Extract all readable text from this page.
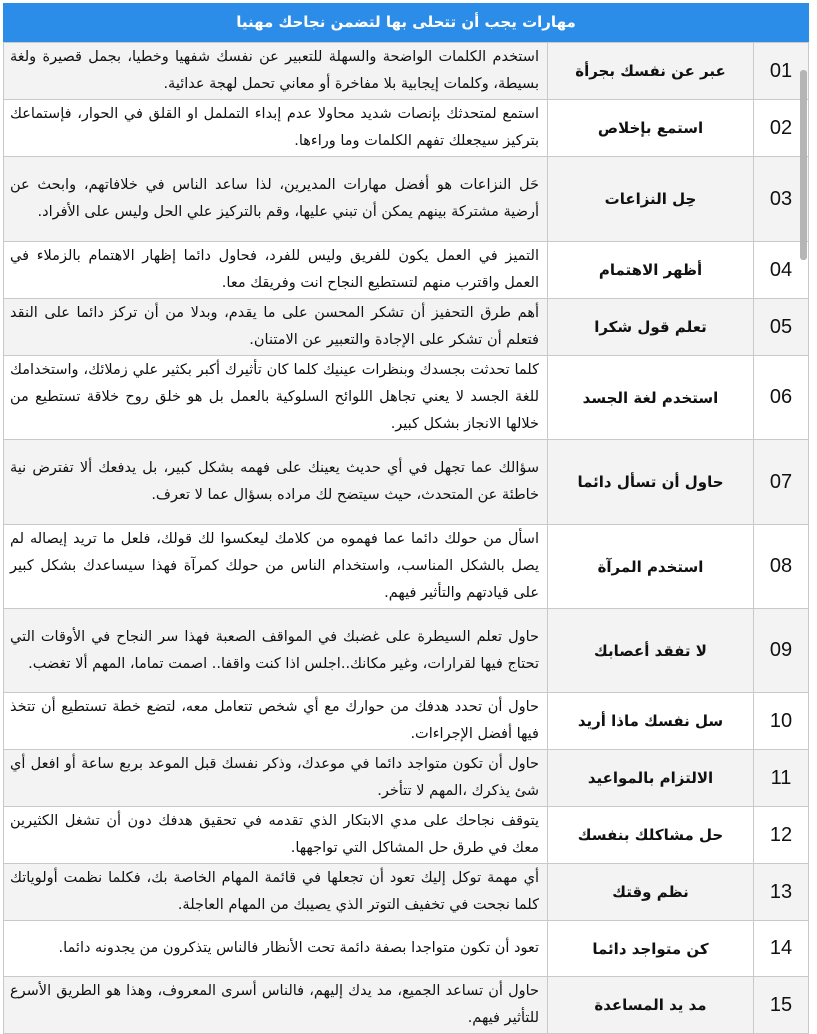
مهارات يجب أن تتحلى بها لتضمن نجاحك مهنيا
01	عبر عن نفسك بجرأة	استخدم الكلمات الواضحة والسهلة للتعبير عن نفسك شفهيا وخطيا، بجمل قصيرة ولغة بسيطة، وكلمات إيجابية بلا مفاخرة أو معاني تحمل لهجة عدائية.
02	استمع بإخلاص	استمع لمتحدثك بإنصات شديد محاولا عدم إبداء التململ او القلق في الحوار، فإستماعك بتركيز سيجعلك تفهم الكلمات وما وراءها.
03	حِل النزاعات	حَل النزاعات هو أفضل مهارات المديرين، لذا ساعد الناس في خلافاتهم، وابحث عن أرضية مشتركة بينهم يمكن أن تبني عليها، وقم بالتركيز علي الحل وليس على الأفراد.
04	أظهر الاهتمام	التميز في العمل يكون للفريق وليس للفرد، فحاول دائما إظهار الاهتمام بالزملاء في العمل واقترب منهم لتستطيع النجاح انت وفريقك معا.
05	تعلم قول شكرا	أهم طرق التحفيز أن تشكر المحسن على ما يقدم، وبدلا من أن تركز دائما على النقد فتعلم أن تشكر على الإجادة والتعبير عن الامتنان.
06	استخدم لغة الجسد	كلما تحدثت بجسدك وبنظرات عينيك كلما كان تأثيرك أكبر بكثير علي زملائك، واستخدامك للغة الجسد لا يعني تجاهل اللوائح السلوكية بالعمل بل هو خلق روح خلاقة تستطيع من خلالها الانجاز بشكل كبير.
07	حاول أن تسأل دائما	سؤالك عما تجهل في أي حديث يعينك على فهمه بشكل كبير، بل يدفعك ألا تفترض نية خاطئة عن المتحدث، حيث سيتضح لك مراده بسؤال عما لا تعرف.
08	استخدم المرآة	اسأل من حولك دائما عما فهموه من كلامك ليعكسوا لك قولك، فلعل ما تريد إيصاله لم يصل بالشكل المناسب، واستخدام الناس من حولك كمرآة فهذا سيساعدك بشكل كبير على قيادتهم والتأثير فيهم.
09	لا تفقد أعصابك	حاول تعلم السيطرة على غضبك في المواقف الصعبة فهذا سر النجاح في الأوقات التي تحتاج فيها لقرارات، وغير مكانك..اجلس اذا كنت واقفا.. اصمت تماما، المهم ألا تغضب.
10	سل نفسك ماذا أريد	حاول أن تحدد هدفك من حوارك مع أي شخص تتعامل معه، لتضع خطة تستطيع أن تتخذ فيها أفضل الإجراءات.
11	الالتزام بالمواعيد	حاول أن تكون متواجد دائما في موعدك، وذكر نفسك قبل الموعد بربع ساعة أو افعل أي شئ يذكرك ،المهم لا تتأخر.
12	حل مشاكلك بنفسك	يتوقف نجاحك على مدي الابتكار الذي تقدمه في تحقيق هدفك دون أن تشغل الكثيرين معك في طرق حل المشاكل التي تواجهها.
13	نظم وقتك	أي مهمة توكل إليك تعود أن تجعلها في قائمة المهام الخاصة بك، فكلما نظمت أولوياتك كلما نجحت في تخفيف التوتر الذي يصيبك من المهام العاجلة.
14	كن متواجد دائما	تعود أن تكون متواجدا بصفة دائمة تحت الأنظار فالناس يتذكرون من يجدونه دائما.
15	مد يد المساعدة	حاول أن تساعد الجميع، مد يدك إليهم، فالناس أسرى المعروف، وهذا هو الطريق الأسرع للتأثير فيهم.
